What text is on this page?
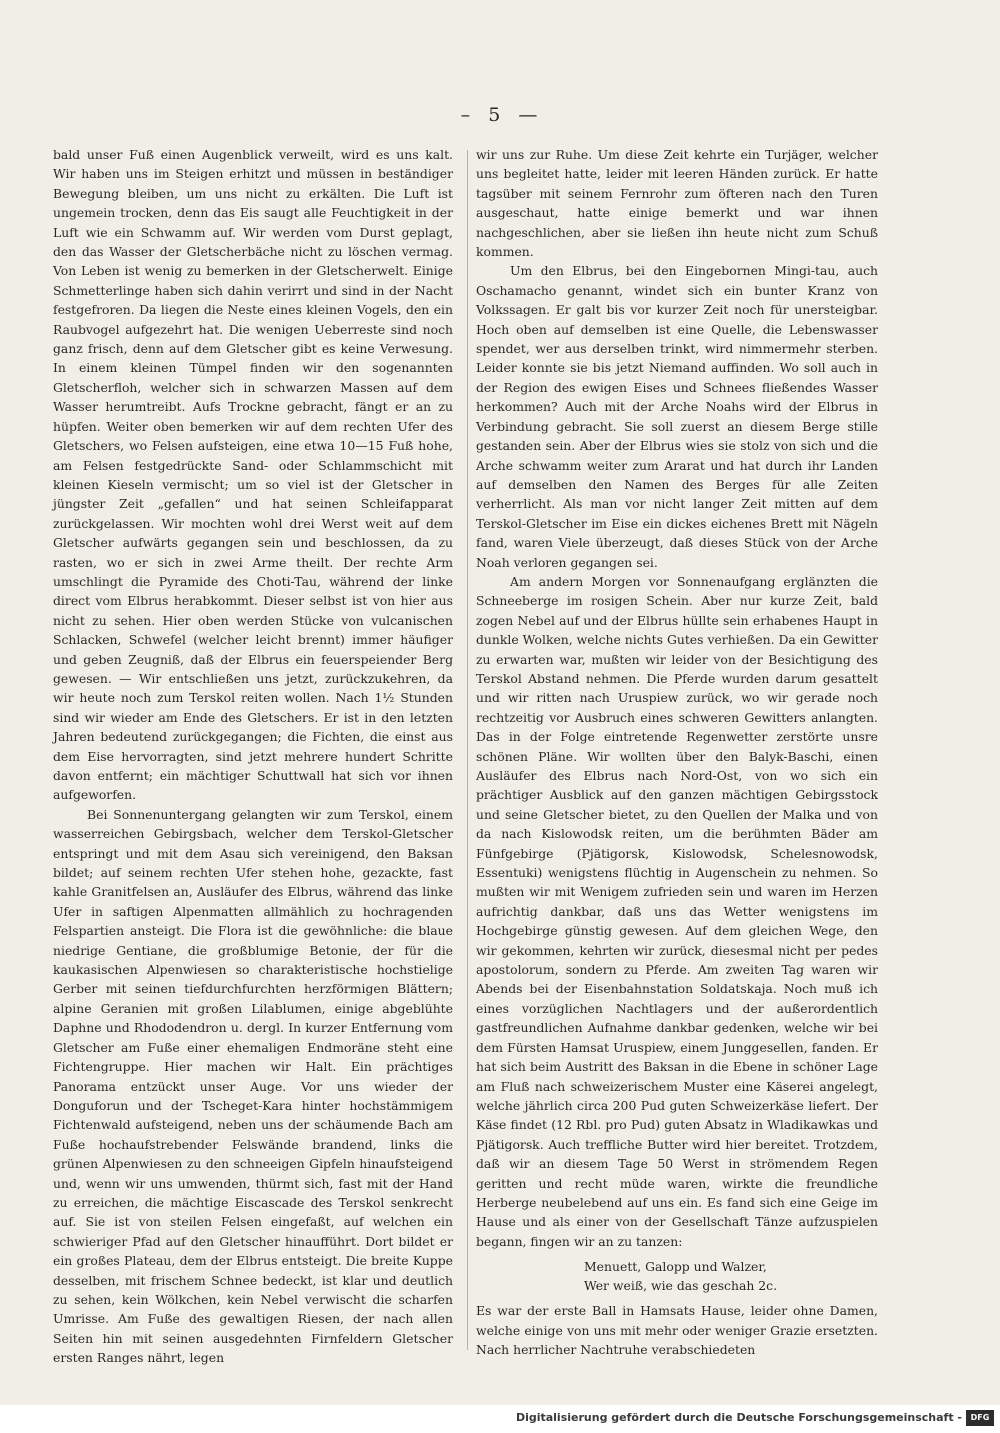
–  5  —

bald unser Fuß einen Augenblick verweilt, wird es uns kalt. Wir haben uns im Steigen erhitzt und müssen in beständiger Bewegung bleiben, um uns nicht zu erkälten. Die Luft ist ungemein trocken, denn das Eis saugt alle Feuchtigkeit in der Luft wie ein Schwamm auf. Wir werden vom Durst geplagt, den das Wasser der Gletscherbäche nicht zu löschen vermag. Von Leben ist wenig zu bemerken in der Gletscherwelt. Einige Schmetterlinge haben sich dahin verirrt und sind in der Nacht festgefroren. Da liegen die Neste eines kleinen Vogels, den ein Raubvogel aufgezehrt hat. Die wenigen Ueberreste sind noch ganz frisch, denn auf dem Gletscher gibt es keine Verwesung. In einem kleinen Tümpel finden wir den sogenannten Gletscherfloh, welcher sich in schwarzen Massen auf dem Wasser herumtreibt. Aufs Trockne gebracht, fängt er an zu hüpfen. Weiter oben bemerken wir auf dem rechten Ufer des Gletschers, wo Felsen aufsteigen, eine etwa 10—15 Fuß hohe, am Felsen festgedrückte Sand- oder Schlammschicht mit kleinen Kieseln vermischt; um so viel ist der Gletscher in jüngster Zeit „gefallen“ und hat seinen Schleifapparat zurückgelassen. Wir mochten wohl drei Werst weit auf dem Gletscher aufwärts gegangen sein und beschlossen, da zu rasten, wo er sich in zwei Arme theilt. Der rechte Arm umschlingt die Pyramide des Choti-Tau, während der linke direct vom Elbrus herabkommt. Dieser selbst ist von hier aus nicht zu sehen. Hier oben werden Stücke von vulcanischen Schlacken, Schwefel (welcher leicht brennt) immer häufiger und geben Zeugniß, daß der Elbrus ein feuerspeiender Berg gewesen. — Wir entschließen uns jetzt, zurückzukehren, da wir heute noch zum Terskol reiten wollen. Nach 1½ Stunden sind wir wieder am Ende des Gletschers. Er ist in den letzten Jahren bedeutend zurückgegangen; die Fichten, die einst aus dem Eise hervorragten, sind jetzt mehrere hundert Schritte davon entfernt; ein mächtiger Schuttwall hat sich vor ihnen aufgeworfen.

Bei Sonnenuntergang gelangten wir zum Terskol, einem wasserreichen Gebirgsbach, welcher dem Terskol-Gletscher entspringt und mit dem Asau sich vereinigend, den Baksan bildet; auf seinem rechten Ufer stehen hohe, gezackte, fast kahle Granitfelsen an, Ausläufer des Elbrus, während das linke Ufer in saftigen Alpenmatten allmählich zu hochragenden Felspartien ansteigt. Die Flora ist die gewöhnliche: die blaue niedrige Gentiane, die großblumige Betonie, der für die kaukasischen Alpenwiesen so charakteristische hochstielige Gerber mit seinen tiefdurchfurchten herzförmigen Blättern; alpine Geranien mit großen Lilablumen, einige abgeblühte Daphne und Rhododendron u. dergl. In kurzer Entfernung vom Gletscher am Fuße einer ehemaligen Endmoräne steht eine Fichtengruppe. Hier machen wir Halt. Ein prächtiges Panorama entzückt unser Auge. Vor uns wieder der Donguforun und der Tscheget-Kara hinter hochstämmigem Fichtenwald aufsteigend, neben uns der schäumende Bach am Fuße hochaufstrebender Felswände brandend, links die grünen Alpenwiesen zu den schneeigen Gipfeln hinaufsteigend und, wenn wir uns umwenden, thürmt sich, fast mit der Hand zu erreichen, die mächtige Eiscascade des Terskol senkrecht auf. Sie ist von steilen Felsen eingefaßt, auf welchen ein schwieriger Pfad auf den Gletscher hinaufführt. Dort bildet er ein großes Plateau, dem der Elbrus entsteigt. Die breite Kuppe desselben, mit frischem Schnee bedeckt, ist klar und deutlich zu sehen, kein Wölkchen, kein Nebel verwischt die scharfen Umrisse. Am Fuße des gewaltigen Riesen, der nach allen Seiten hin mit seinen ausgedehnten Firnfeldern Gletscher ersten Ranges nährt, legen

wir uns zur Ruhe. Um diese Zeit kehrte ein Turjäger, welcher uns begleitet hatte, leider mit leeren Händen zurück. Er hatte tagsüber mit seinem Fernrohr zum öfteren nach den Turen ausgeschaut, hatte einige bemerkt und war ihnen nachgeschlichen, aber sie ließen ihn heute nicht zum Schuß kommen.

Um den Elbrus, bei den Eingebornen Mingi-tau, auch Oschamacho genannt, windet sich ein bunter Kranz von Volkssagen. Er galt bis vor kurzer Zeit noch für unersteigbar. Hoch oben auf demselben ist eine Quelle, die Lebenswasser spendet, wer aus derselben trinkt, wird nimmermehr sterben. Leider konnte sie bis jetzt Niemand auffinden. Wo soll auch in der Region des ewigen Eises und Schnees fließendes Wasser herkommen? Auch mit der Arche Noahs wird der Elbrus in Verbindung gebracht. Sie soll zuerst an diesem Berge stille gestanden sein. Aber der Elbrus wies sie stolz von sich und die Arche schwamm weiter zum Ararat und hat durch ihr Landen auf demselben den Namen des Berges für alle Zeiten verherrlicht. Als man vor nicht langer Zeit mitten auf dem Terskol-Gletscher im Eise ein dickes eichenes Brett mit Nägeln fand, waren Viele überzeugt, daß dieses Stück von der Arche Noah verloren gegangen sei.

Am andern Morgen vor Sonnenaufgang erglänzten die Schneeberge im rosigen Schein. Aber nur kurze Zeit, bald zogen Nebel auf und der Elbrus hüllte sein erhabenes Haupt in dunkle Wolken, welche nichts Gutes verhießen. Da ein Gewitter zu erwarten war, mußten wir leider von der Besichtigung des Terskol Abstand nehmen. Die Pferde wurden darum gesattelt und wir ritten nach Uruspiew zurück, wo wir gerade noch rechtzeitig vor Ausbruch eines schweren Gewitters anlangten. Das in der Folge eintretende Regenwetter zerstörte unsre schönen Pläne. Wir wollten über den Balyk-Baschi, einen Ausläufer des Elbrus nach Nord-Ost, von wo sich ein prächtiger Ausblick auf den ganzen mächtigen Gebirgsstock und seine Gletscher bietet, zu den Quellen der Malka und von da nach Kislowodsk reiten, um die berühmten Bäder am Fünfgebirge (Pjätigorsk, Kislowodsk, Schelesnowodsk, Essentuki) wenigstens flüchtig in Augenschein zu nehmen. So mußten wir mit Wenigem zufrieden sein und waren im Herzen aufrichtig dankbar, daß uns das Wetter wenigstens im Hochgebirge günstig gewesen. Auf dem gleichen Wege, den wir gekommen, kehrten wir zurück, diesesmal nicht per pedes apostolorum, sondern zu Pferde. Am zweiten Tag waren wir Abends bei der Eisenbahnstation Soldatskaja. Noch muß ich eines vorzüglichen Nachtlagers und der außerordentlich gastfreundlichen Aufnahme dankbar gedenken, welche wir bei dem Fürsten Hamsat Uruspiew, einem Junggesellen, fanden. Er hat sich beim Austritt des Baksan in die Ebene in schöner Lage am Fluß nach schweizerischem Muster eine Käserei angelegt, welche jährlich circa 200 Pud guten Schweizerkäse liefert. Der Käse findet (12 Rbl. pro Pud) guten Absatz in Wladikawkas und Pjätigorsk. Auch treffliche Butter wird hier bereitet. Trotzdem, daß wir an diesem Tage 50 Werst in strömendem Regen geritten und recht müde waren, wirkte die freundliche Herberge neubelebend auf uns ein. Es fand sich eine Geige im Hause und als einer von der Gesellschaft Tänze aufzuspielen begann, fingen wir an zu tanzen:

Menuett, Galopp und Walzer,
Wer weiß, wie das geschah 2c.

Es war der erste Ball in Hamsats Hause, leider ohne Damen, welche einige von uns mit mehr oder weniger Grazie ersetzten. Nach herrlicher Nachtruhe verabschiedeten

Digitalisierung gefördert durch die Deutsche Forschungsgemeinschaft -	DFG
